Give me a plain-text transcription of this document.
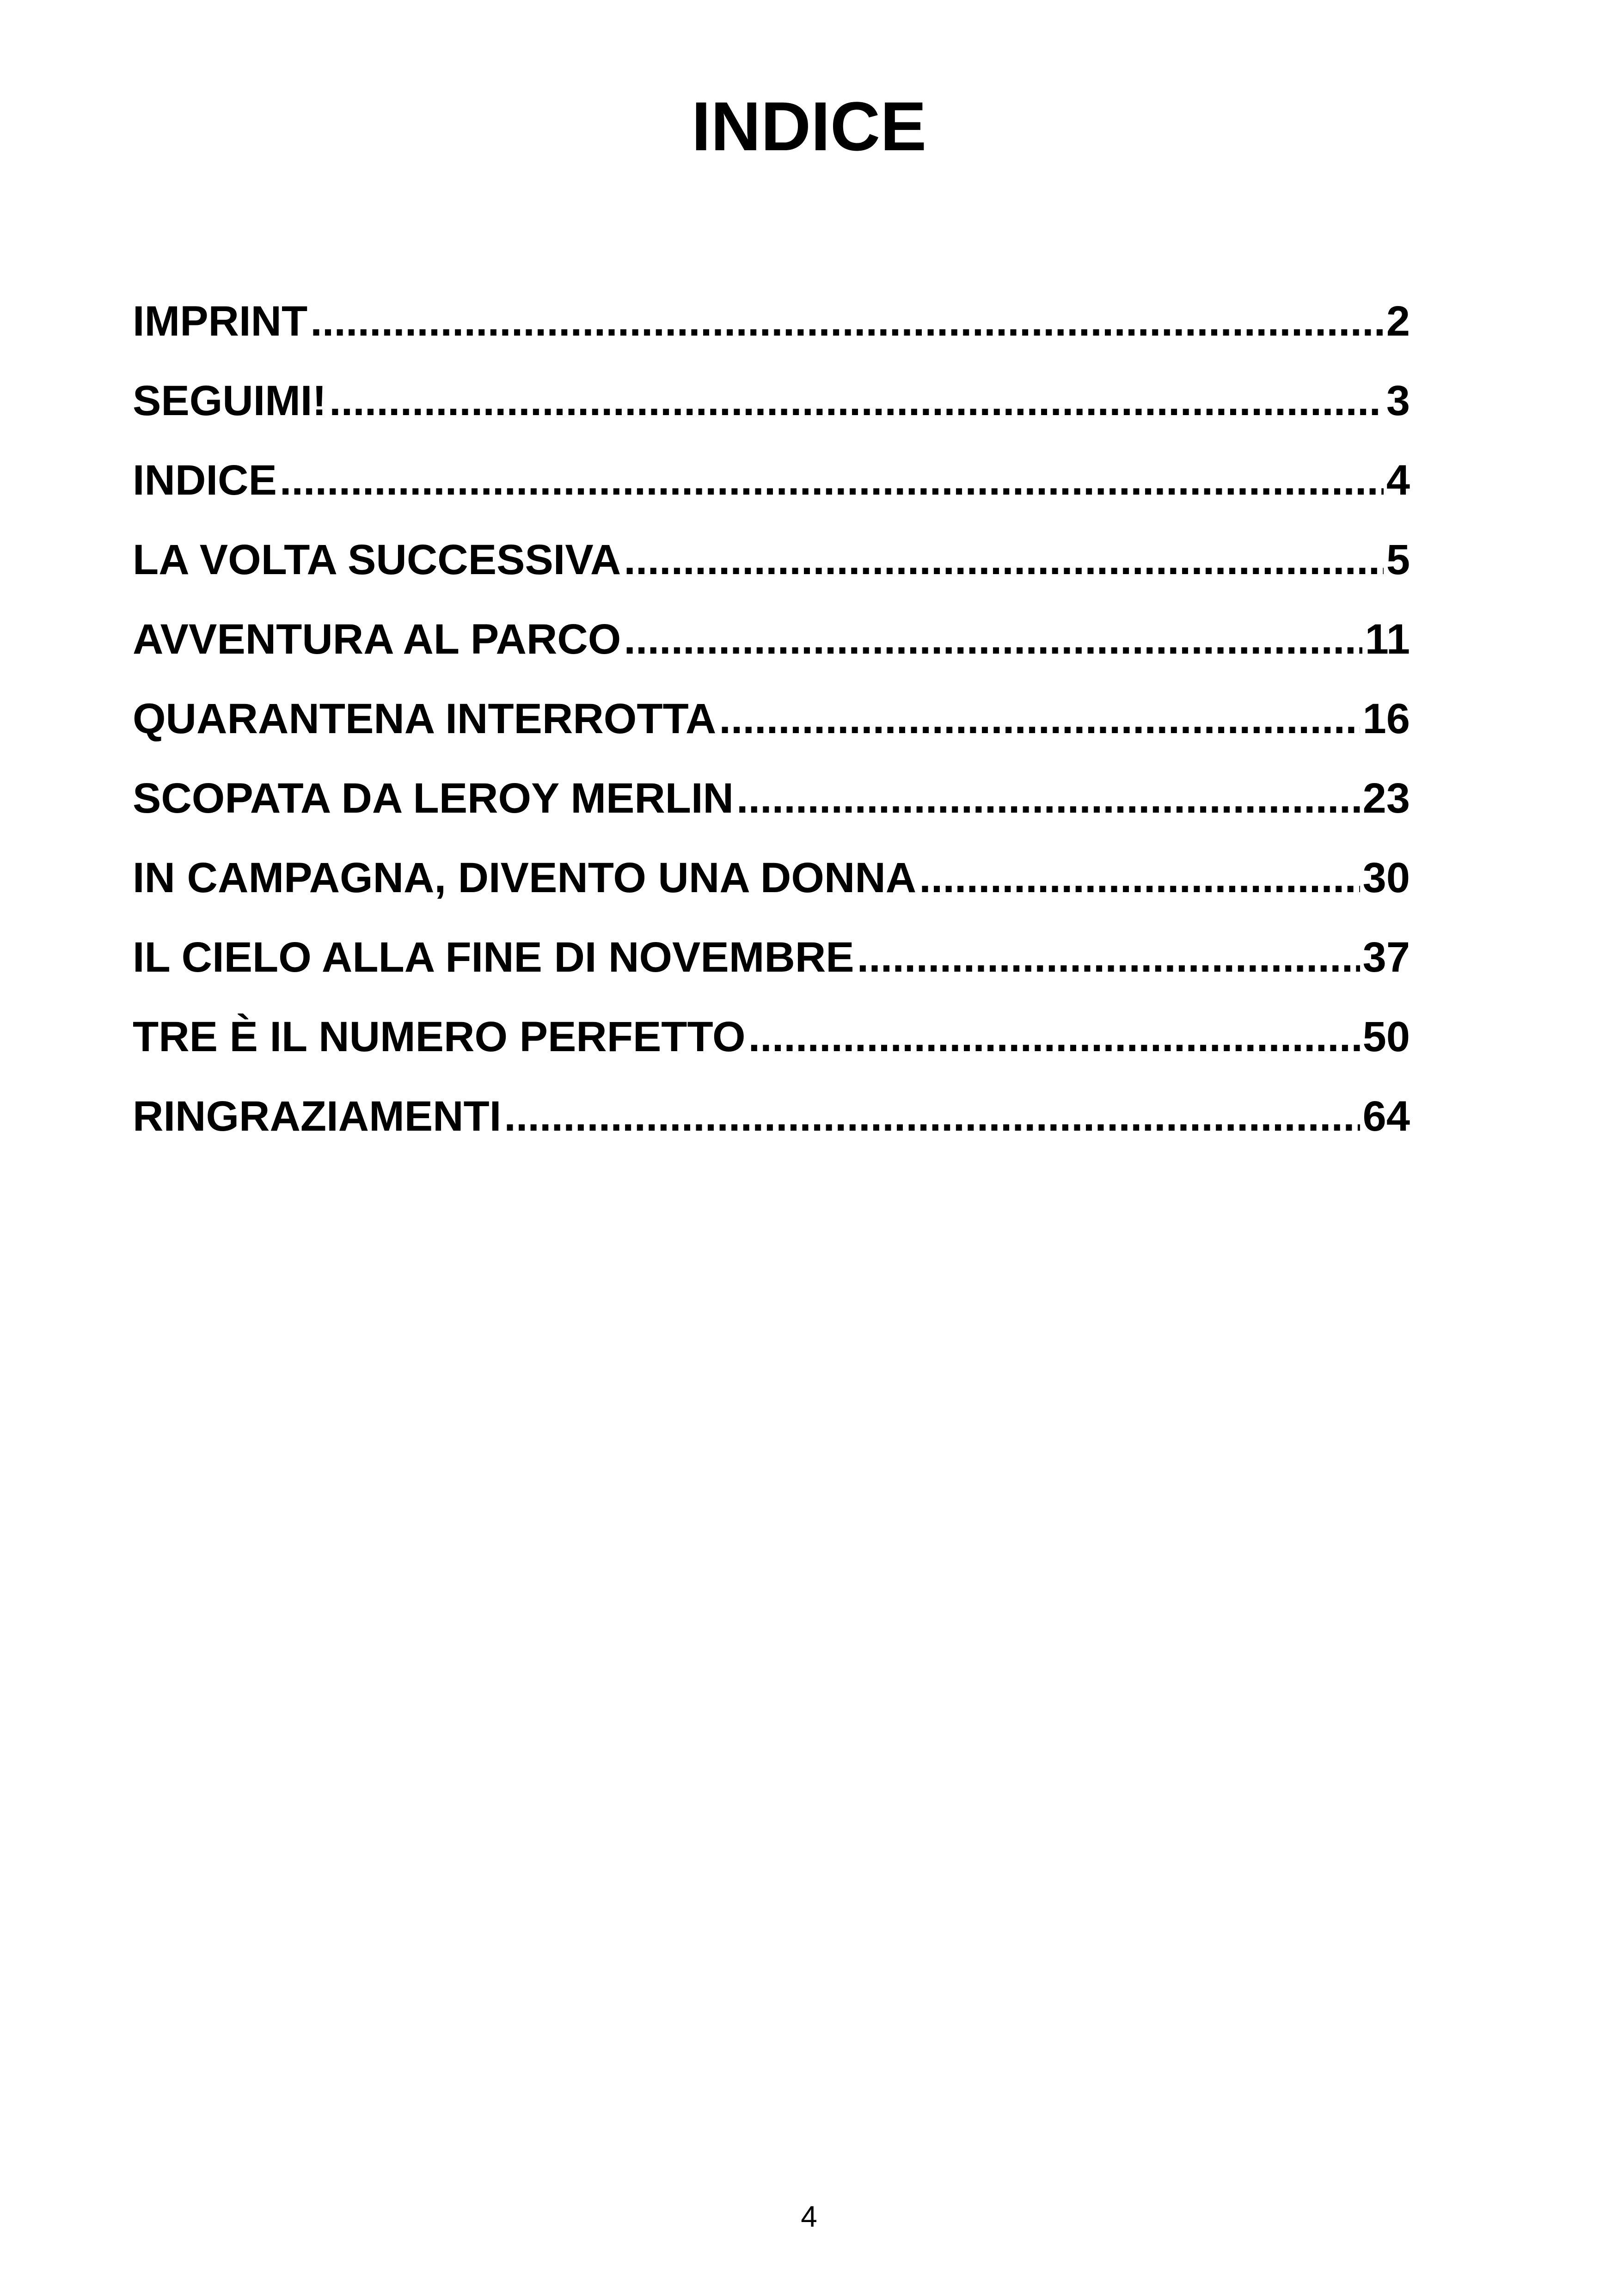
INDICE
IMPRINT .....	2
SEGUIMI! .....	3
INDICE .....	4
LA VOLTA SUCCESSIVA .....	5
AVVENTURA AL PARCO .....	11
QUARANTENA INTERROTTA .....	16
SCOPATA DA LEROY MERLIN .....	23
IN CAMPAGNA, DIVENTO UNA DONNA .....	30
IL CIELO ALLA FINE DI NOVEMBRE .....	37
TRE È IL NUMERO PERFETTO .....	50
RINGRAZIAMENTI .....	64
4
